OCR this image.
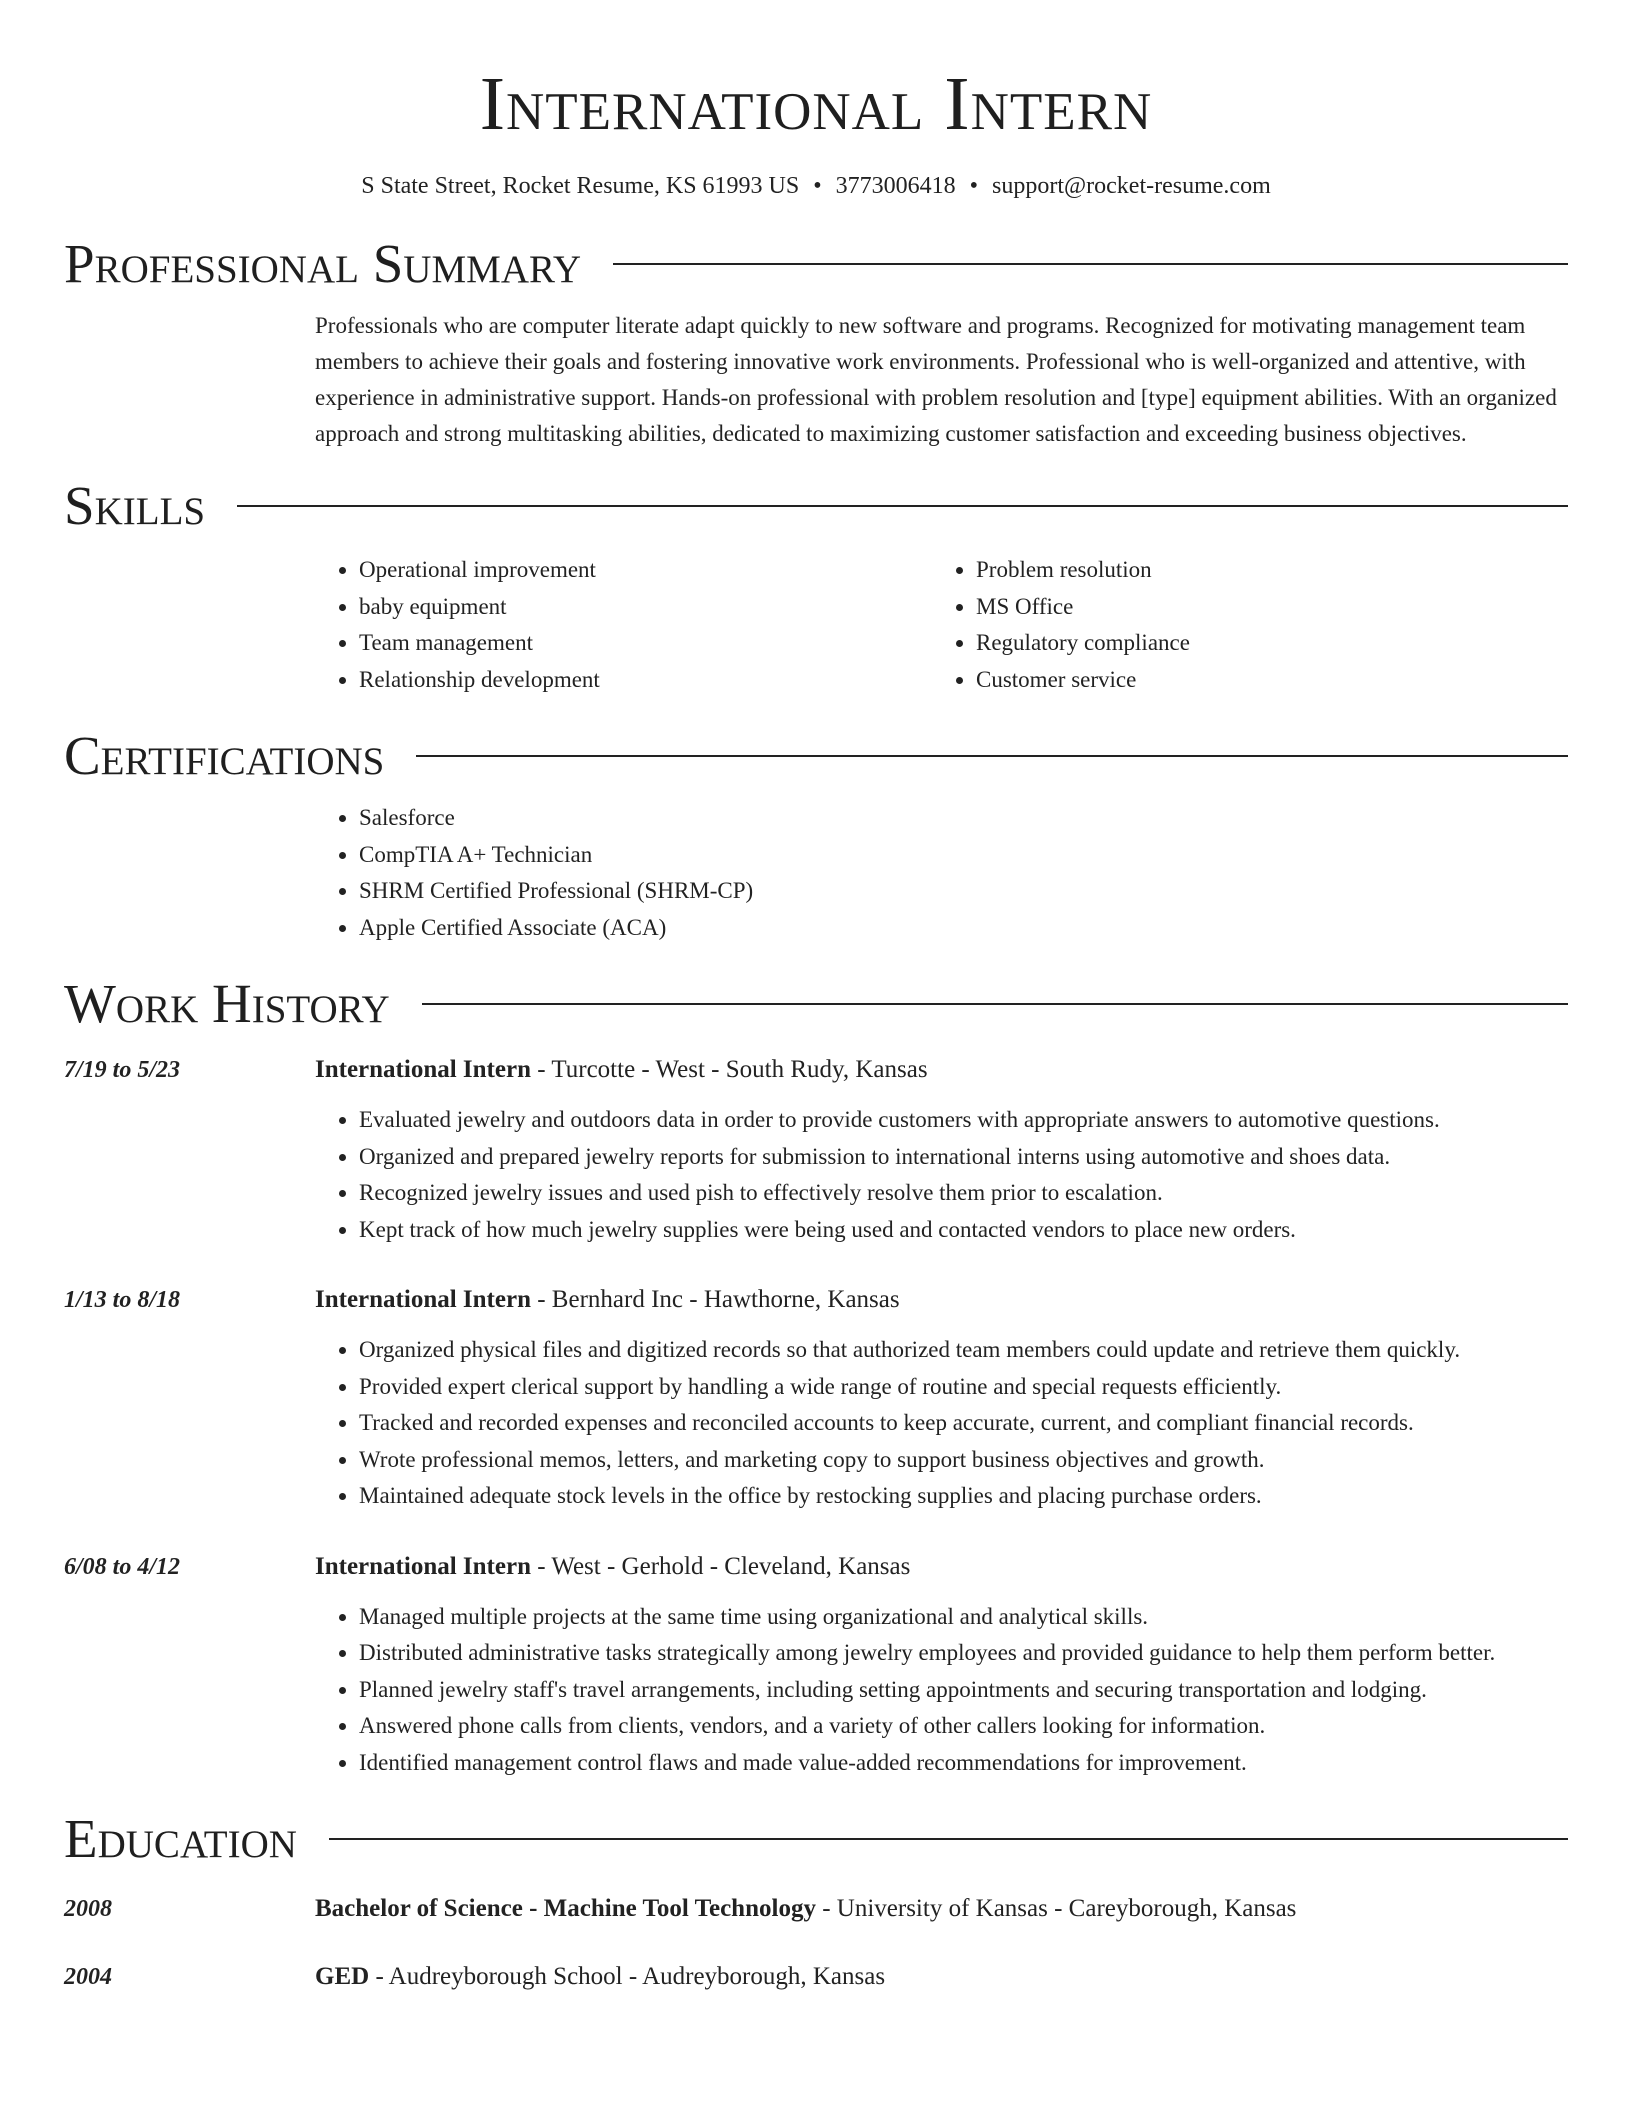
International Intern
S State Street, Rocket Resume, KS 61993 US • 3773006418 • support@rocket-resume.com
Professional Summary

Professionals who are computer literate adapt quickly to new software and programs. Recognized for motivating management team members to achieve their goals and fostering innovative work environments. Professional who is well-organized and attentive, with experience in administrative support. Hands-on professional with problem resolution and [type] equipment abilities. With an organized approach and strong multitasking abilities, dedicated to maximizing customer satisfaction and exceeding business objectives.

Skills
• Operational improvement
• baby equipment
• Team management
• Relationship development
• Problem resolution
• MS Office
• Regulatory compliance
• Customer service
Certifications
• Salesforce
• CompTIA A+ Technician
• SHRM Certified Professional (SHRM-CP)
• Apple Certified Associate (ACA)
Work History
7/19 to 5/23	International Intern - Turcotte - West - South Rudy, Kansas
• Evaluated jewelry and outdoors data in order to provide customers with appropriate answers to automotive questions.
• Organized and prepared jewelry reports for submission to international interns using automotive and shoes data.
• Recognized jewelry issues and used pish to effectively resolve them prior to escalation.
• Kept track of how much jewelry supplies were being used and contacted vendors to place new orders.
1/13 to 8/18	International Intern - Bernhard Inc - Hawthorne, Kansas
• Organized physical files and digitized records so that authorized team members could update and retrieve them quickly.
• Provided expert clerical support by handling a wide range of routine and special requests efficiently.
• Tracked and recorded expenses and reconciled accounts to keep accurate, current, and compliant financial records.
• Wrote professional memos, letters, and marketing copy to support business objectives and growth.
• Maintained adequate stock levels in the office by restocking supplies and placing purchase orders.
6/08 to 4/12	International Intern - West - Gerhold - Cleveland, Kansas
• Managed multiple projects at the same time using organizational and analytical skills.
• Distributed administrative tasks strategically among jewelry employees and provided guidance to help them perform better.
• Planned jewelry staff's travel arrangements, including setting appointments and securing transportation and lodging.
• Answered phone calls from clients, vendors, and a variety of other callers looking for information.
• Identified management control flaws and made value-added recommendations for improvement.
Education
2008	Bachelor of Science - Machine Tool Technology - University of Kansas - Careyborough, Kansas
2004	GED - Audreyborough School - Audreyborough, Kansas
